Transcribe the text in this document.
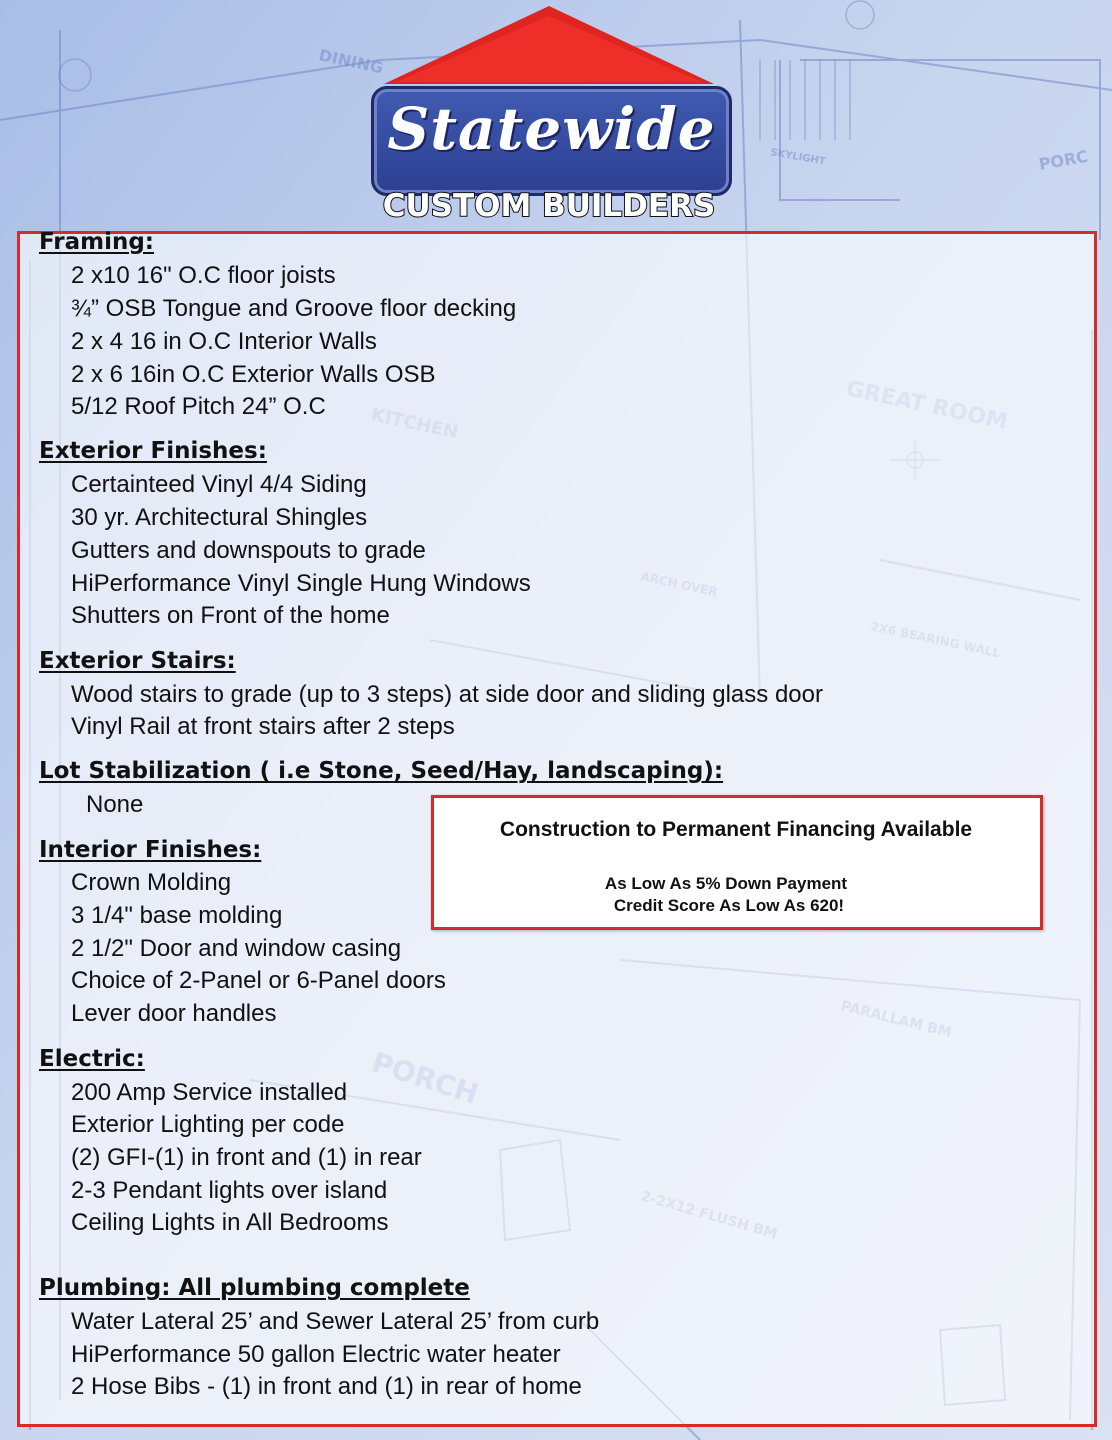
DINING
PORC
SKYLIGHT
Statewide
CUSTOM BUILDERS
Framing:
2 x10 16" O.C floor joists
¾” OSB Tongue and Groove floor decking
2 x 4 16 in O.C Interior Walls
2 x 6 16in O.C Exterior Walls OSB
5/12 Roof Pitch 24” O.C
Exterior Finishes:
Certainteed Vinyl 4/4 Siding
30 yr. Architectural Shingles
Gutters and downspouts to grade
HiPerformance Vinyl Single Hung Windows
Shutters on Front of the home
Exterior Stairs:
Wood stairs to grade (up to 3 steps) at side door and sliding glass door
Vinyl Rail at front stairs after 2 steps
Lot Stabilization ( i.e Stone, Seed/Hay, landscaping):
None
Interior Finishes:
Crown Molding
3 1/4" base molding
2 1/2" Door and window casing
Choice of 2-Panel or 6-Panel doors
Lever door handles
Electric:
200 Amp Service installed
Exterior Lighting per code
(2) GFI-(1) in front and (1) in rear
2-3 Pendant lights over island
Ceiling Lights in All Bedrooms
Plumbing: All plumbing complete
Water Lateral 25’ and Sewer Lateral 25’ from curb
HiPerformance 50 gallon Electric water heater
2 Hose Bibs - (1) in front and (1) in rear of home
Construction to Permanent Financing Available
As Low As 5% Down Payment
Credit Score As Low As 620!
